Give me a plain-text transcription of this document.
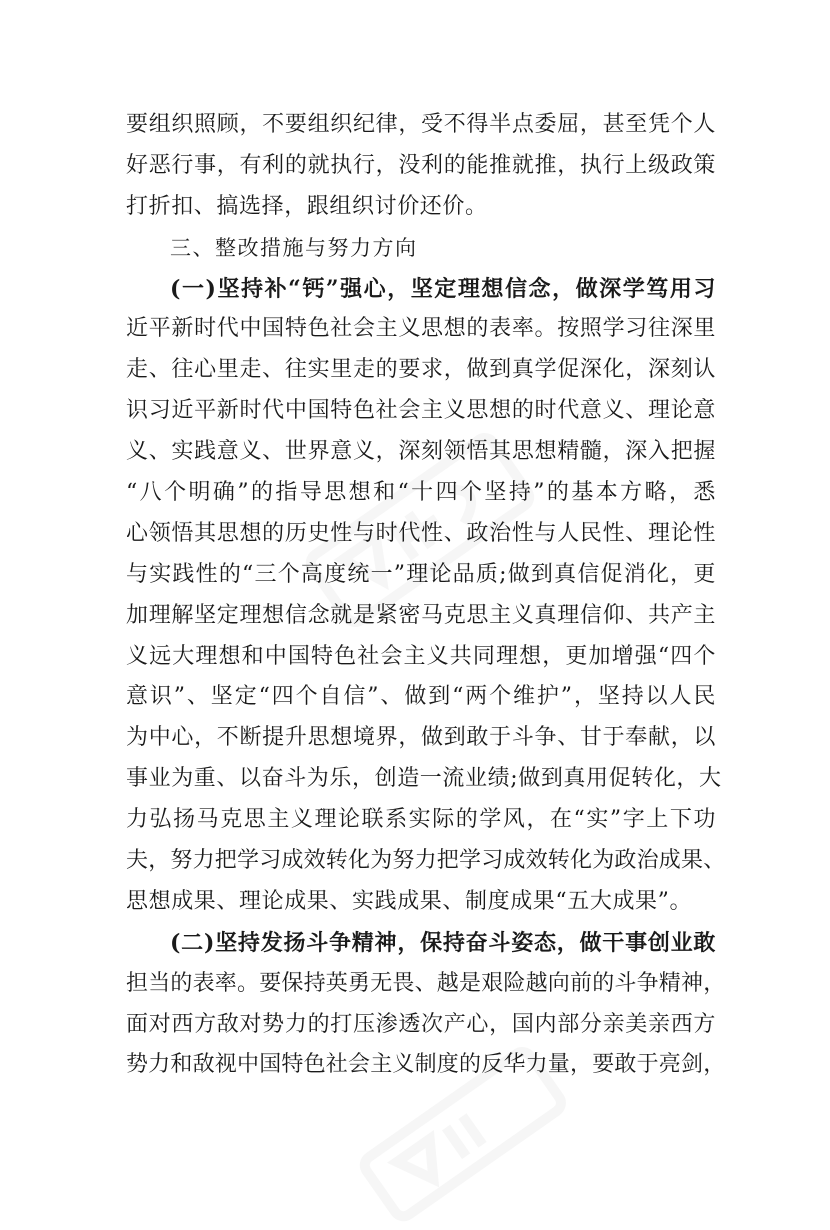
要组织照顾，不要组织纪律，受不得半点委屈，甚至凭个人
好恶行事，有利的就执行，没利的能推就推，执行上级政策
打折扣、搞选择，跟组织讨价还价。
三、整改措施与努力方向
(一)坚持补“钙”强心，坚定理想信念，做深学笃用习
近平新时代中国特色社会主义思想的表率。按照学习往深里
走、往心里走、往实里走的要求，做到真学促深化，深刻认
识习近平新时代中国特色社会主义思想的时代意义、理论意
义、实践意义、世界意义，深刻领悟其思想精髓，深入把握
“八个明确”的指导思想和“十四个坚持”的基本方略，悉
心领悟其思想的历史性与时代性、政治性与人民性、理论性
与实践性的“三个高度统一”理论品质;做到真信促消化，更
加理解坚定理想信念就是紧密马克思主义真理信仰、共产主
义远大理想和中国特色社会主义共同理想，更加增强“四个
意识”、坚定“四个自信”、做到“两个维护”，坚持以人民
为中心，不断提升思想境界，做到敢于斗争、甘于奉献，以
事业为重、以奋斗为乐，创造一流业绩;做到真用促转化，大
力弘扬马克思主义理论联系实际的学风，在“实”字上下功
夫，努力把学习成效转化为努力把学习成效转化为政治成果、
思想成果、理论成果、实践成果、制度成果“五大成果”。
(二)坚持发扬斗争精神，保持奋斗姿态，做干事创业敢
担当的表率。要保持英勇无畏、越是艰险越向前的斗争精神，
面对西方敌对势力的打压渗透次产心，国内部分亲美亲西方
势力和敌视中国特色社会主义制度的反华力量，要敢于亮剑，
